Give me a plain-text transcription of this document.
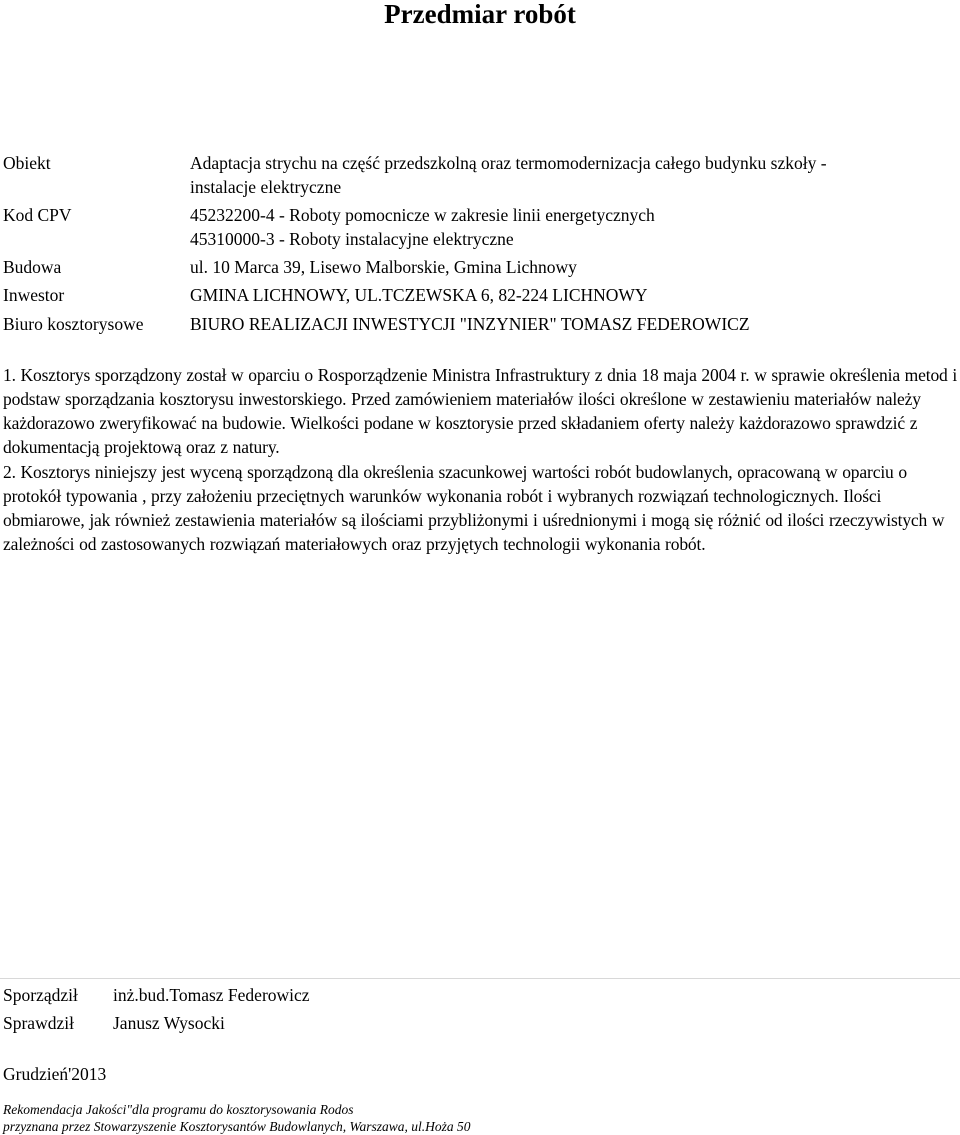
Przedmiar robót
Obiekt	Adaptacja strychu na część przedszkolną oraz termomodernizacja całego budynku szkoły -
instalacje elektryczne
Kod CPV	45232200-4 - Roboty pomocnicze w zakresie linii energetycznych
45310000-3 - Roboty instalacyjne elektryczne
Budowa	ul. 10 Marca 39, Lisewo Malborskie, Gmina Lichnowy
Inwestor	GMINA LICHNOWY, UL.TCZEWSKA 6, 82-224 LICHNOWY
Biuro kosztorysowe	BIURO REALIZACJI INWESTYCJI "INZYNIER" TOMASZ FEDEROWICZ

1. Kosztorys sporządzony został w oparciu o Rosporządzenie Ministra Infrastruktury z dnia 18 maja 2004 r. w sprawie określenia metod i podstaw sporządzania kosztorysu inwestorskiego. Przed zamówieniem materiałów ilości określone w zestawieniu materiałów należy każdorazowo zweryfikować na budowie. Wielkości podane w kosztorysie przed składaniem oferty należy każdorazowo sprawdzić z dokumentacją projektową oraz z natury.

2. Kosztorys niniejszy jest wyceną sporządzoną dla określenia szacunkowej wartości robót budowlanych, opracowaną w oparciu o protokół typowania , przy założeniu przeciętnych warunków wykonania robót i wybranych rozwiązań technologicznych. Ilości obmiarowe, jak również zestawienia materiałów są ilościami przybliżonymi i uśrednionymi i mogą się różnić od ilości rzeczywistych w zależności od zastosowanych rozwiązań materiałowych oraz przyjętych technologii wykonania robót.

Sporządził inż.bud.Tomasz Federowicz
Sprawdził Janusz Wysocki
Grudzień'2013
Rekomendacja Jakości"dla programu do kosztorysowania Rodos
przyznana przez Stowarzyszenie Kosztorysantów Budowlanych, Warszawa, ul.Hoża 50
